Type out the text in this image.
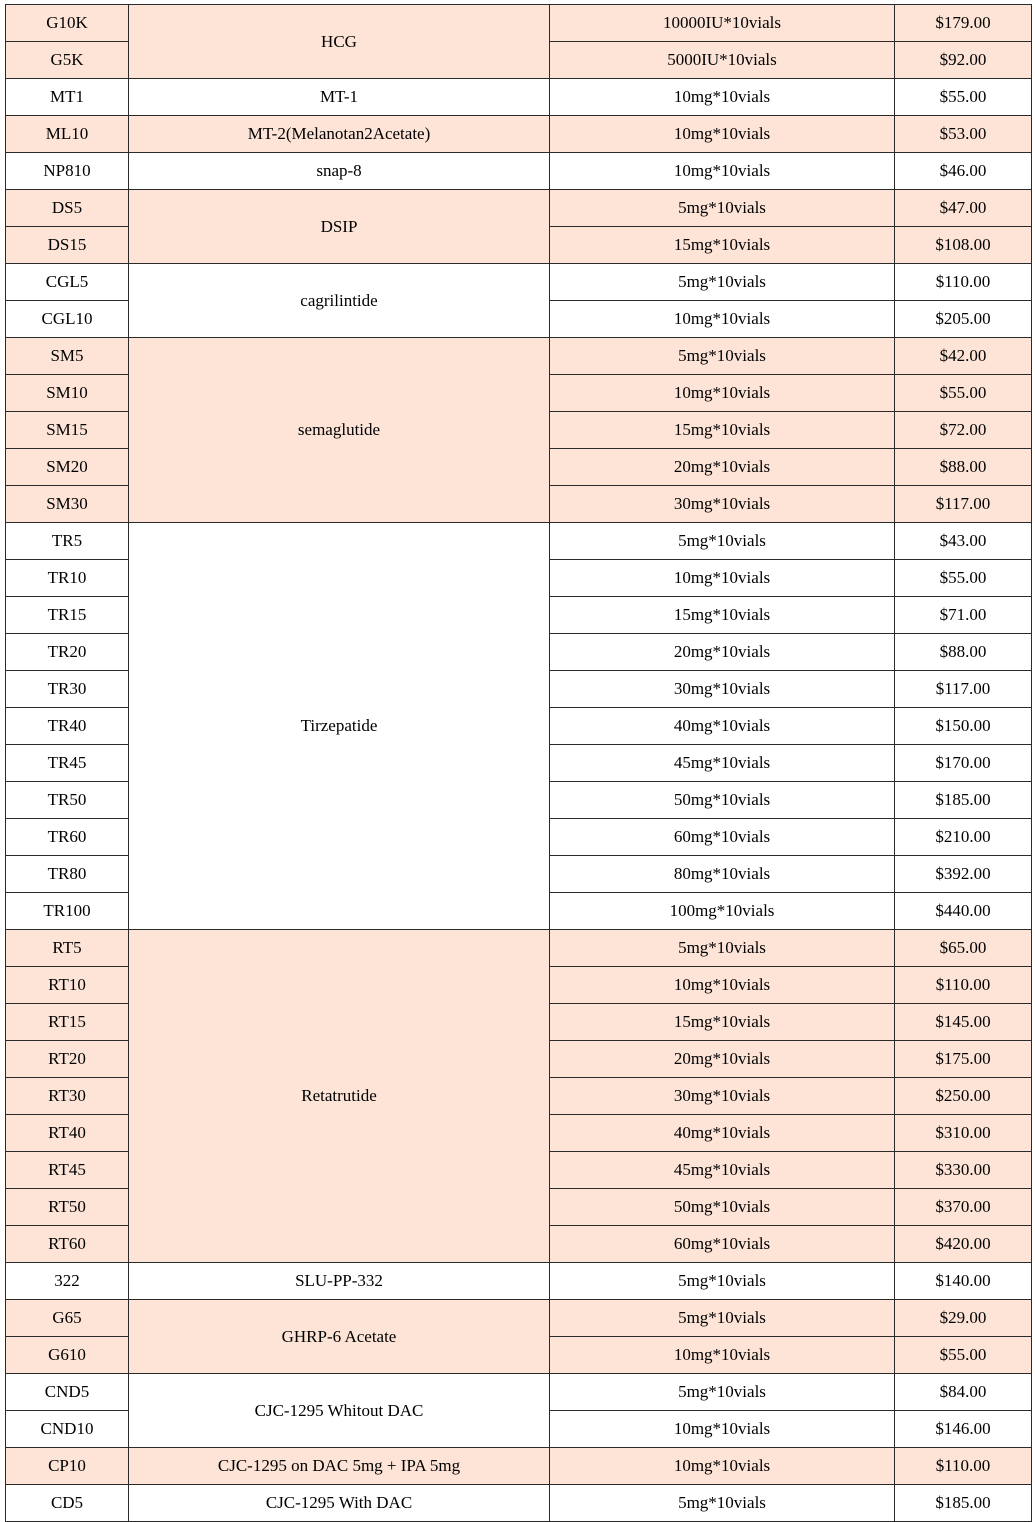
G10K	HCG	10000IU*10vials	$179.00
G5K		5000IU*10vials	$92.00
MT1	MT-1	10mg*10vials	$55.00
ML10	MT-2(Melanotan2Acetate)	10mg*10vials	$53.00
NP810	snap-8	10mg*10vials	$46.00
DS5	DSIP	5mg*10vials	$47.00
DS15		15mg*10vials	$108.00
CGL5	cagrilintide	5mg*10vials	$110.00
CGL10		10mg*10vials	$205.00
SM5	semaglutide	5mg*10vials	$42.00
SM10		10mg*10vials	$55.00
SM15		15mg*10vials	$72.00
SM20		20mg*10vials	$88.00
SM30		30mg*10vials	$117.00
TR5	Tirzepatide	5mg*10vials	$43.00
TR10		10mg*10vials	$55.00
TR15		15mg*10vials	$71.00
TR20		20mg*10vials	$88.00
TR30		30mg*10vials	$117.00
TR40		40mg*10vials	$150.00
TR45		45mg*10vials	$170.00
TR50		50mg*10vials	$185.00
TR60		60mg*10vials	$210.00
TR80		80mg*10vials	$392.00
TR100		100mg*10vials	$440.00
RT5	Retatrutide	5mg*10vials	$65.00
RT10		10mg*10vials	$110.00
RT15		15mg*10vials	$145.00
RT20		20mg*10vials	$175.00
RT30		30mg*10vials	$250.00
RT40		40mg*10vials	$310.00
RT45		45mg*10vials	$330.00
RT50		50mg*10vials	$370.00
RT60		60mg*10vials	$420.00
322	SLU-PP-332	5mg*10vials	$140.00
G65	GHRP-6 Acetate	5mg*10vials	$29.00
G610		10mg*10vials	$55.00
CND5	CJC-1295 Whitout DAC	5mg*10vials	$84.00
CND10		10mg*10vials	$146.00
CP10	CJC-1295 on DAC 5mg + IPA 5mg	10mg*10vials	$110.00
CD5	CJC-1295 With DAC	5mg*10vials	$185.00
